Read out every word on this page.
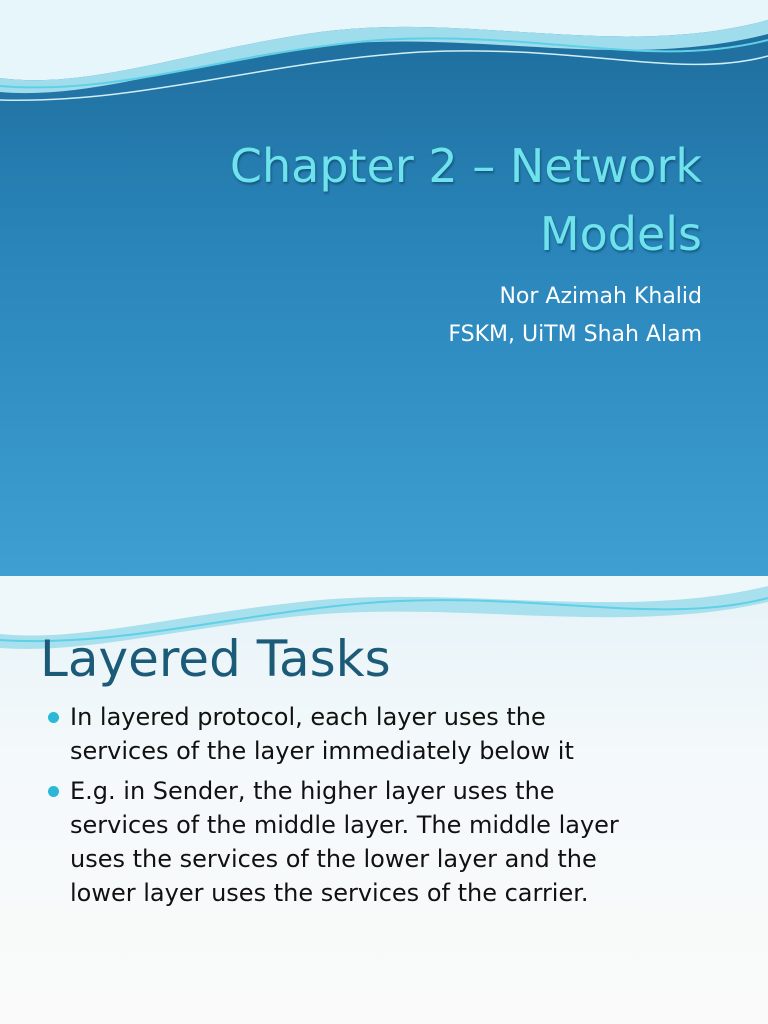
Chapter 2 – Network
Models
Nor Azimah Khalid
FSKM, UiTM Shah Alam
Layered Tasks
In layered protocol, each layer uses the
services of the layer immediately below it
E.g. in Sender, the higher layer uses the
services of the middle layer. The middle layer
uses the services of the lower layer and the
lower layer uses the services of the carrier.
